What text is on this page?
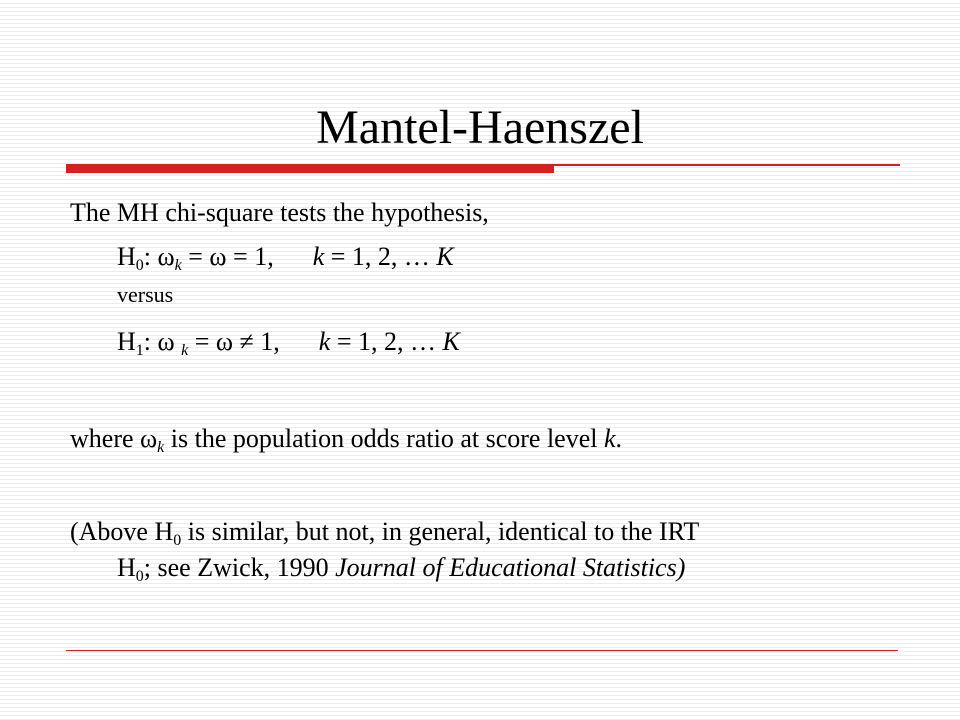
Mantel-Haenszel
The MH chi-square tests the hypothesis,
$H_0$: $\omega_k = \omega = 1$, k = 1, 2, … K
versus
$H_1$: ω $_k$ = ω ≠ 1, k = 1, 2, … K
where $\omega_k$ is the population odds ratio at score level k.
(Above $H_0$ is similar, but not, in general, identical to the IRT
$H_0$; see Zwick, 1990 Journal of Educational Statistics)
